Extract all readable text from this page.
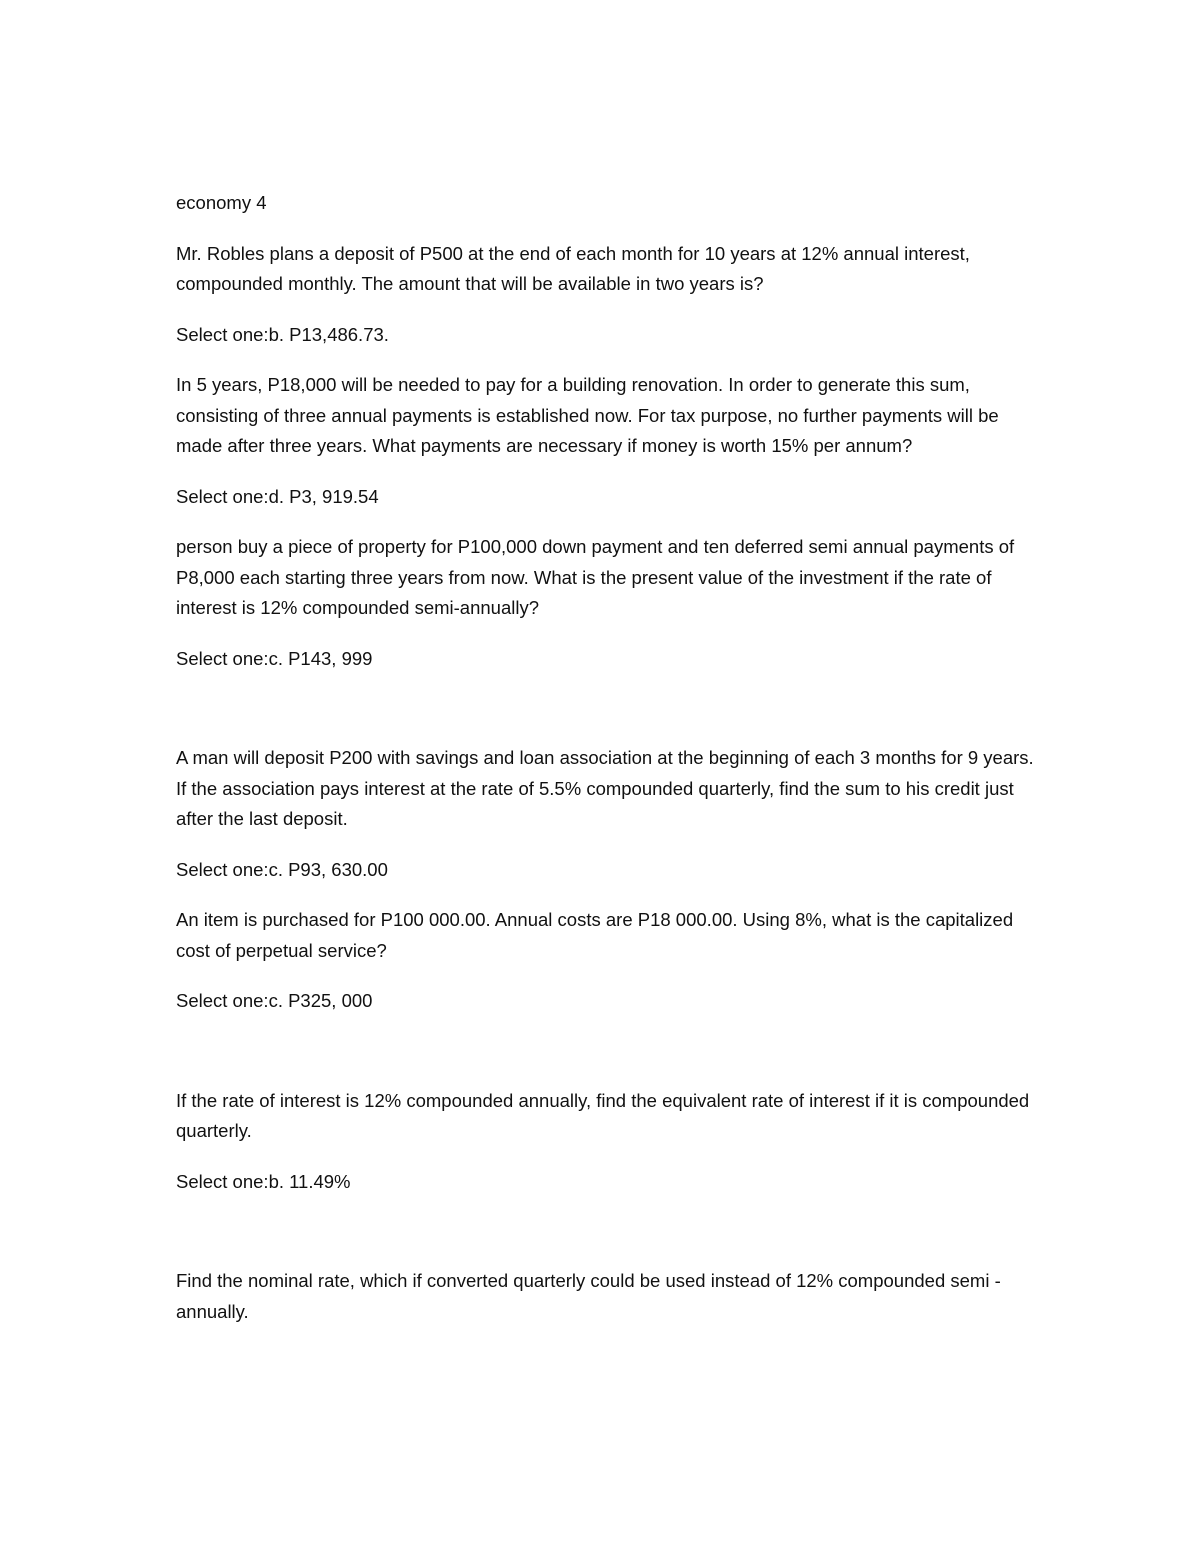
economy 4

Mr. Robles plans a deposit of P500 at the end of each month for 10 years at 12% annual interest, compounded monthly. The amount that will be available in two years is?

Select one:b. P13,486.73.

In 5 years, P18,000 will be needed to pay for a building renovation. In order to generate this sum, consisting of three annual payments is established now. For tax purpose, no further payments will be made after three years. What payments are necessary if money is worth 15% per annum?

Select one:d. P3, 919.54

person buy a piece of property for P100,000 down payment and ten deferred semi annual payments of P8,000 each starting three years from now. What is the present value of the investment if the rate of interest is 12% compounded semi-annually?

Select one:c. P143, 999

A man will deposit P200 with savings and loan association at the beginning of each 3 months for 9 years. If the association pays interest at the rate of 5.5% compounded quarterly, find the sum to his credit just after the last deposit.

Select one:c. P93, 630.00

An item is purchased for P100 000.00. Annual costs are P18 000.00. Using 8%, what is the capitalized cost of perpetual service?

Select one:c. P325, 000

If the rate of interest is 12% compounded annually, find the equivalent rate of interest if it is compounded quarterly.

Select one:b. 11.49%

Find the nominal rate, which if converted quarterly could be used instead of 12% compounded semi -annually.
